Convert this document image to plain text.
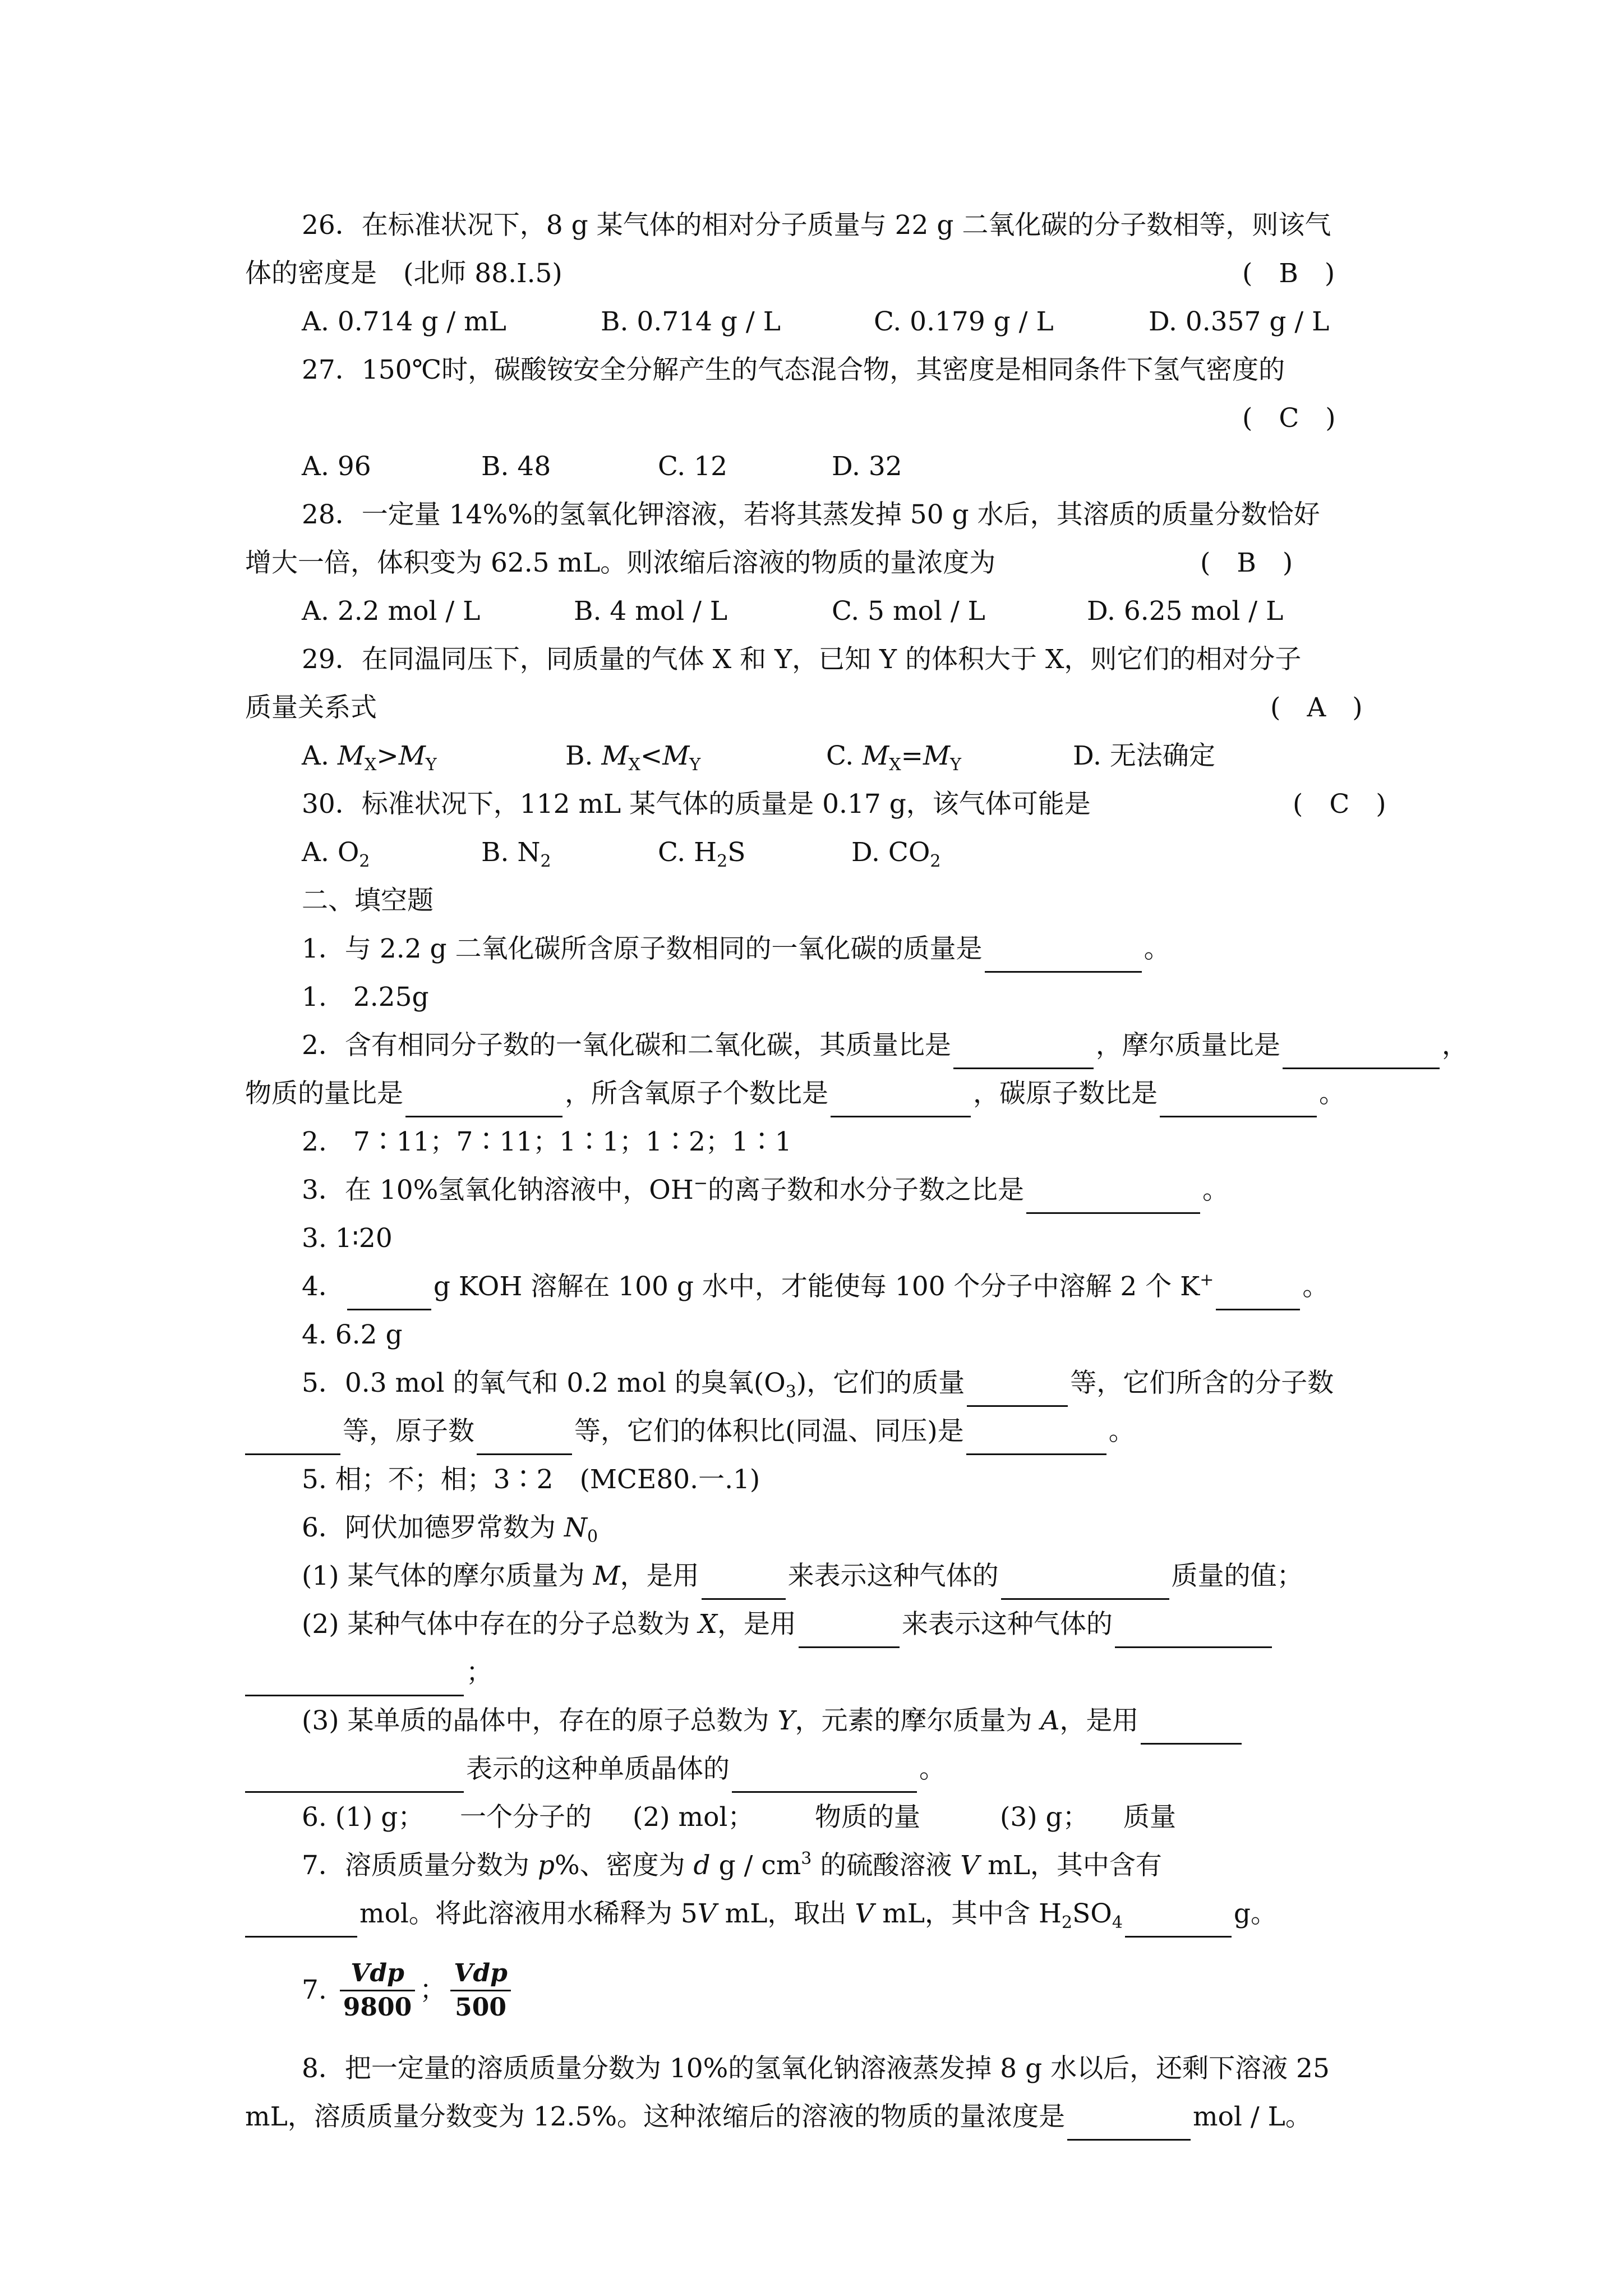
26．在标准状况下，8 g 某气体的相对分子质量与 22 g 二氧化碳的分子数相等，则该气
体的密度是　(北师 88.Ⅰ.5)	(　B　)
A. 0.714 g / mL	B. 0.714 g / L	C. 0.179 g / L	D. 0.357 g / L
27．150℃时，碳酸铵安全分解产生的气态混合物，其密度是相同条件下氢气密度的
(　C　)
A. 96	B. 48	C. 12	D. 32
28．一定量 14%%的氢氧化钾溶液，若将其蒸发掉 50 g 水后，其溶质的质量分数恰好
增大一倍，体积变为 62.5 mL。则浓缩后溶液的物质的量浓度为	(　B　)
A. 2.2 mol / L	B. 4 mol / L	C. 5 mol / L	D. 6.25 mol / L
29．在同温同压下，同质量的气体 X 和 Y，已知 Y 的体积大于 X，则它们的相对分子
质量关系式	(　A　)
A. $M_X>M_Y$	B. $M_X<M_Y$	C. $M_X=M_Y$	D. 无法确定
30．标准状况下，112 mL 某气体的质量是 0.17 g，该气体可能是	(　C　)
A. $O_2$	B. $N_2$	C. $H_2S$	D. $CO_2$
二、填空题
1．与 2.2 g 二氧化碳所含原子数相同的一氧化碳的质量是	。
1.　2.25g
2．含有相同分子数的一氧化碳和二氧化碳，其质量比是	，摩尔质量比是	，
物质的量比是	，所含氧原子个数比是	，碳原子数比是	。
2.　7∶11；7∶11；1∶1；1∶2；1∶1
3．在 10%氢氧化钠溶液中，OH−的离子数和水分子数之比是	。
3. 1∶20
4．	g KOH 溶解在 100 g 水中，才能使每 100 个分子中溶解 2 个 K+	。
4. 6.2 g
5．0.3 mol 的氧气和 0.2 mol 的臭氧$(O_3)$，它们的质量	等，它们所含的分子数
等，原子数	等，它们的体积比(同温、同压)是	。
5. 相；不；相；3∶2　(MCE80.一.1)
6．阿伏加德罗常数为 $N_0$
(1) 某气体的摩尔质量为 M，是用	来表示这种气体的	质量的值；
(2) 某种气体中存在的分子总数为 X，是用	来表示这种气体的
；
(3) 某单质的晶体中，存在的原子总数为 Y，元素的摩尔质量为 A，是用
表示的这种单质晶体的	。
6. (1) g； 一个分子的 (2) mol； 物质的量	(3) g； 质量
7．溶质质量分数为 p%、密度为 d g / $cm^3$ 的硫酸溶液 V mL，其中含有
mol。将此溶液用水稀释为 5V mL，取出 V mL，其中含 $H_2SO_4$	g。
7. $\frac{\text{Vdp}}{9800}$ ； $\frac{\text{Vdp}}{500}$
8．把一定量的溶质质量分数为 10%的氢氧化钠溶液蒸发掉 8 g 水以后，还剩下溶液 25
mL，溶质质量分数变为 12.5%。这种浓缩后的溶液的物质的量浓度是	mol / L。
